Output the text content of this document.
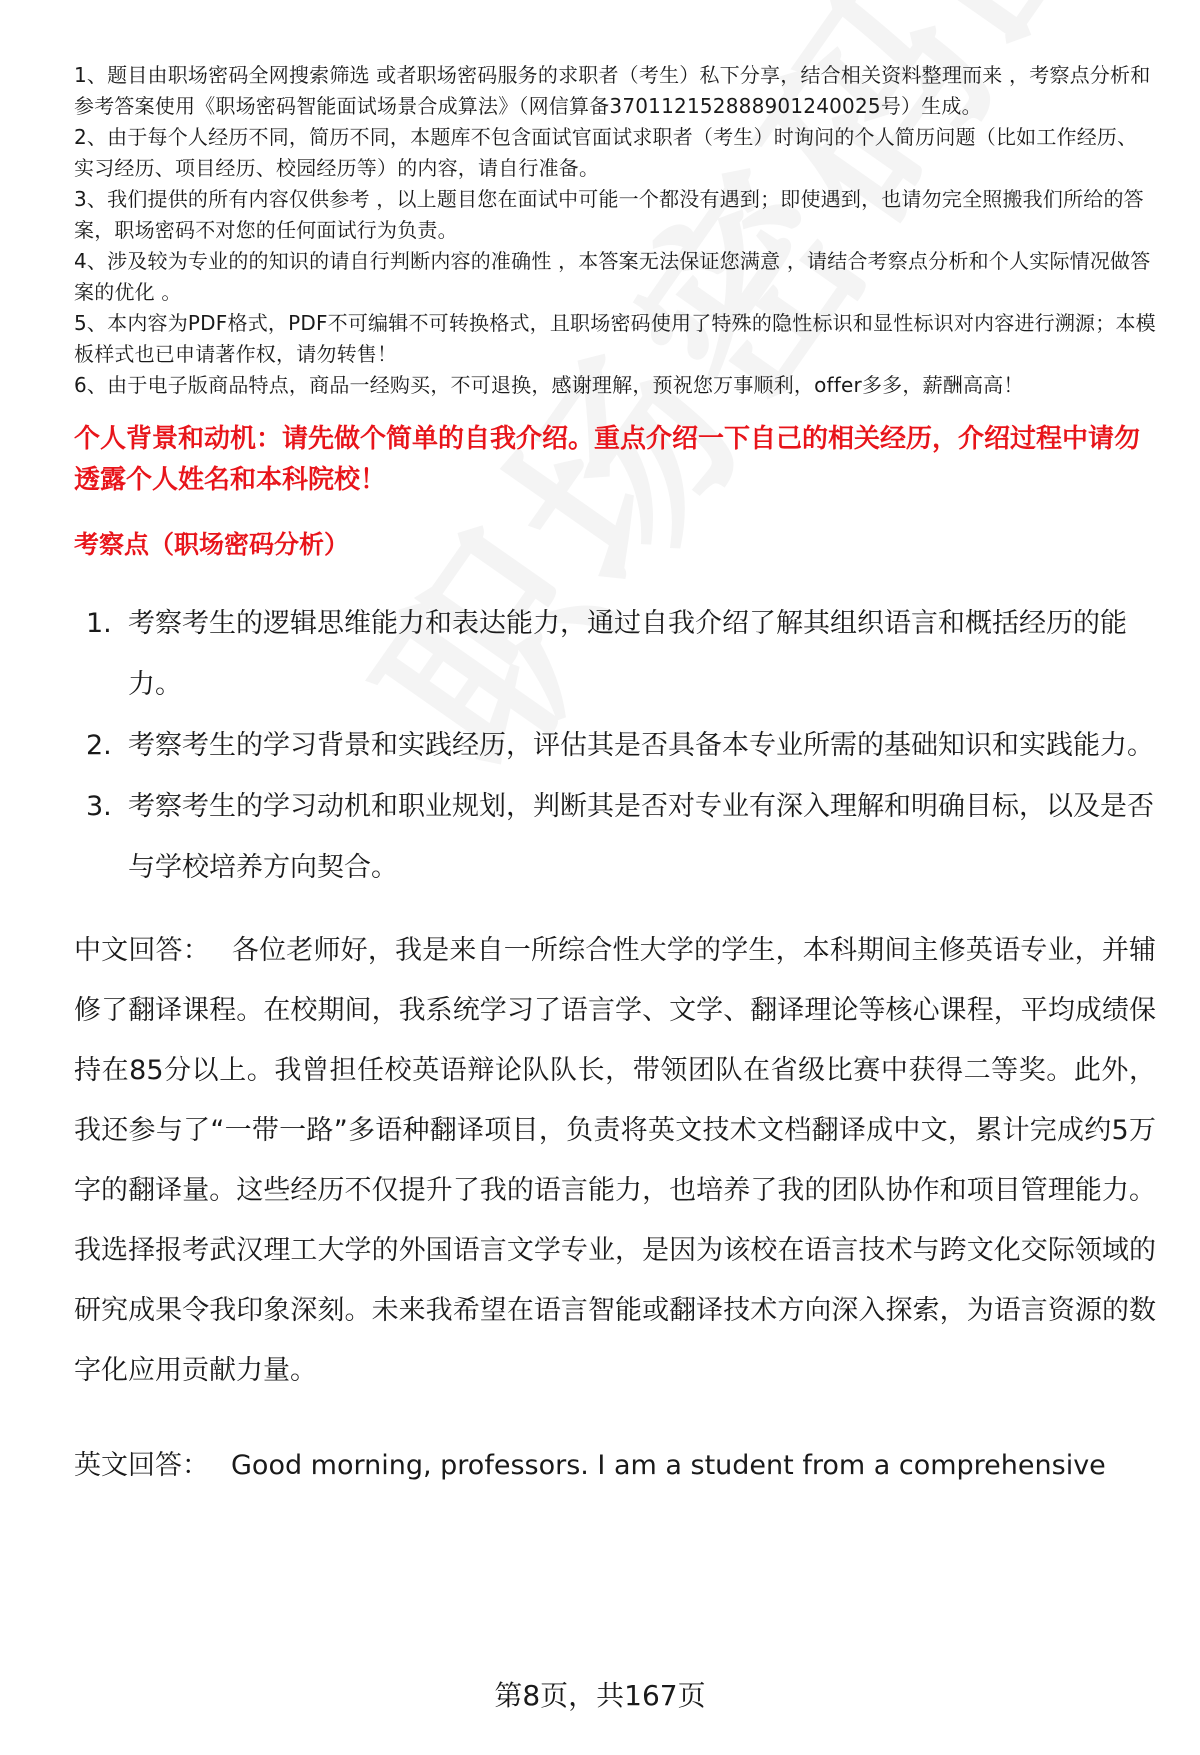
1、题目由职场密码全网搜索筛选 或者职场密码服务的求职者（考生）私下分享，结合相关资料整理而来 ，考察点分析和参考答案使用《职场密码智能面试场景合成算法》（网信算备370112152888901240025号）生成。
2、由于每个人经历不同，简历不同，本题库不包含面试官面试求职者（考生）时询问的个人简历问题（比如工作经历、实习经历、项目经历、校园经历等）的内容，请自行准备。
3、我们提供的所有内容仅供参考 ，以上题目您在面试中可能一个都没有遇到；即使遇到，也请勿完全照搬我们所给的答案，职场密码不对您的任何面试行为负责。
4、涉及较为专业的的知识的请自行判断内容的准确性 ，本答案无法保证您满意 ，请结合考察点分析和个人实际情况做答案的优化 。
5、本内容为PDF格式，PDF不可编辑不可转换格式，且职场密码使用了特殊的隐性标识和显性标识对内容进行溯源；本模板样式也已申请著作权，请勿转售！
6、由于电子版商品特点，商品一经购买，不可退换，感谢理解，预祝您万事顺利，offer多多，薪酬高高！
个人背景和动机：请先做个简单的自我介绍。重点介绍一下自己的相关经历，介绍过程中请勿透露个人姓名和本科院校！
考察点（职场密码分析）
1. 考察考生的逻辑思维能力和表达能力，通过自我介绍了解其组织语言和概括经历的能力。
2. 考察考生的学习背景和实践经历，评估其是否具备本专业所需的基础知识和实践能力。
3. 考察考生的学习动机和职业规划，判断其是否对专业有深入理解和明确目标，以及是否与学校培养方向契合。

中文回答： 各位老师好，我是来自一所综合性大学的学生，本科期间主修英语专业，并辅修了翻译课程。在校期间，我系统学习了语言学、文学、翻译理论等核心课程，平均成绩保持在85分以上。我曾担任校英语辩论队队长，带领团队在省级比赛中获得二等奖。此外，我还参与了“一带一路”多语种翻译项目，负责将英文技术文档翻译成中文，累计完成约5万字的翻译量。这些经历不仅提升了我的语言能力，也培养了我的团队协作和项目管理能力。我选择报考武汉理工大学的外国语言文学专业，是因为该校在语言技术与跨文化交际领域的研究成果令我印象深刻。未来我希望在语言智能或翻译技术方向深入探索，为语言资源的数字化应用贡献力量。

英文回答： Good morning, professors. I am a student from a comprehensive

第8页，共167页
